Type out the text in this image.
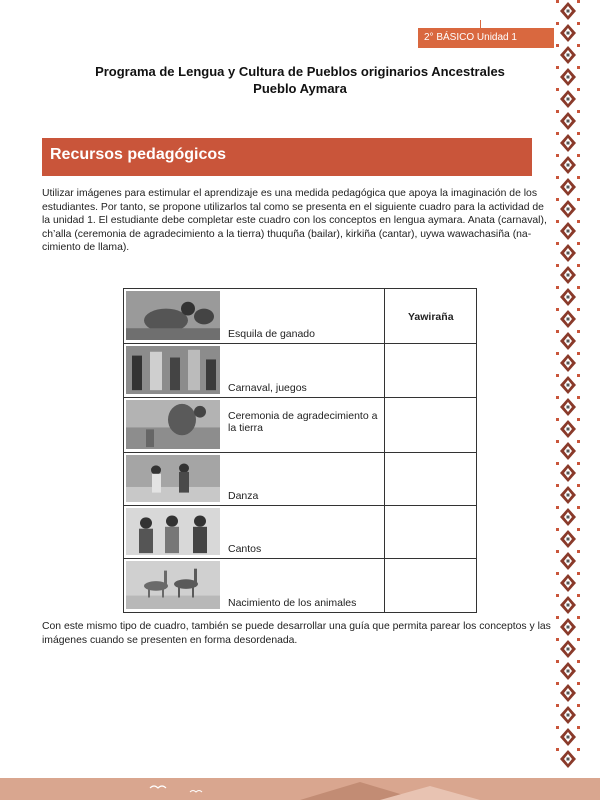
2° BÁSICO Unidad 1
Programa de Lengua y Cultura de Pueblos originarios Ancestrales
Pueblo Aymara
Recursos pedagógicos

Utilizar imágenes para estimular el aprendizaje es una medida pedagógica que apoya la imaginación de los estudiantes. Por tanto, se propone utilizarlos tal como se presenta en el siguiente cuadro para la actividad de la unidad 1. El estudiante debe completar este cuadro con los conceptos en lengua aymara. Anata (carnaval), ch’alla (ceremonia de agradecimiento a la tierra) thuquña (bailar), kirkiña (cantar), uywa wawachasiña (na-cimiento de llama).

Esquila de ganado
Yawiraña
Carnaval, juegos
Ceremonia de agradecimiento a la tierra
Danza
Cantos
Nacimiento de los animales

Con este mismo tipo de cuadro, también se puede desarrollar una guía que permita parear los conceptos y las imágenes cuando se presenten en forma desordenada.
